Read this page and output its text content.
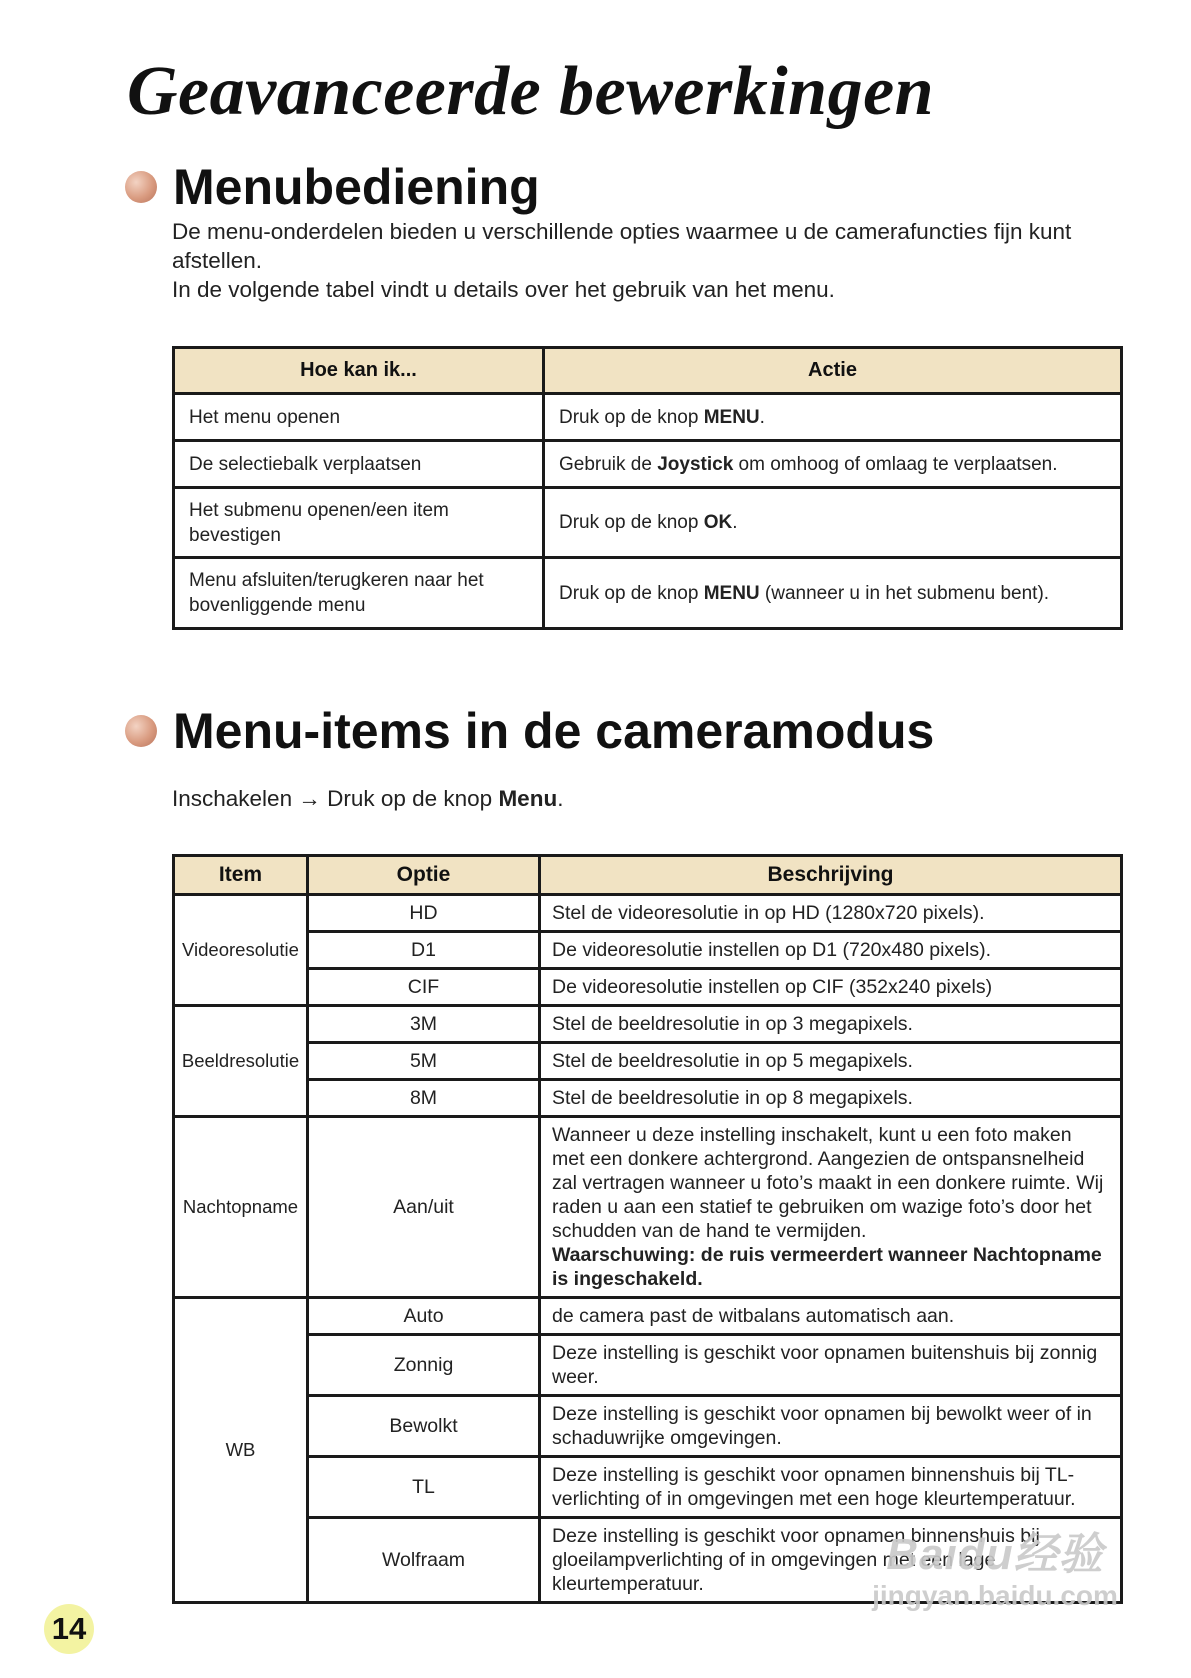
Geavanceerde bewerkingen
Menubediening

De menu-onderdelen bieden u verschillende opties waarmee u de camerafuncties fijn kunt afstellen.

In de volgende tabel vindt u details over het gebruik van het menu.

Hoe kan ik...	Actie
Het menu openen	Druk op de knop MENU.
De selectiebalk verplaatsen	Gebruik de Joystick om omhoog of omlaag te verplaatsen.
Het submenu openen/een item bevestigen	Druk op de knop OK.
Menu afsluiten/terugkeren naar het bovenliggende menu	Druk op de knop MENU (wanneer u in het submenu bent).
Menu-items in de cameramodus
Inschakelen → Druk op de knop Menu.
Item	Optie	Beschrijving
Videoresolutie	HD	Stel de videoresolutie in op HD (1280x720 pixels).
	D1	De videoresolutie instellen op D1 (720x480 pixels).
	CIF	De videoresolutie instellen op CIF (352x240 pixels)
Beeldresolutie	3M	Stel de beeldresolutie in op 3 megapixels.
	5M	Stel de beeldresolutie in op 5 megapixels.
	8M	Stel de beeldresolutie in op 8 megapixels.
Nachtopname	Aan/uit	Wanneer u deze instelling inschakelt, kunt u een foto maken met een donkere achtergrond. Aangezien de ontspansnelheid zal vertragen wanneer u foto’s maakt in een donkere ruimte. Wij raden u aan een statief te gebruiken om wazige foto’s door het schudden van de hand te vermijden.
Waarschuwing: de ruis vermeerdert wanneer Nachtopname is ingeschakeld.
WB	Auto	de camera past de witbalans automatisch aan.
	Zonnig	Deze instelling is geschikt voor opnamen buitenshuis bij zonnig weer.
	Bewolkt	Deze instelling is geschikt voor opnamen bij bewolkt weer of in schaduwrijke omgevingen.
	TL	Deze instelling is geschikt voor opnamen binnenshuis bij TL-verlichting of in omgevingen met een hoge kleurtemperatuur.
	Wolfraam	Deze instelling is geschikt voor opnamen binnenshuis bij gloeilampverlichting of in omgevingen met een lage kleurtemperatuur.
14
Baidu经验
jingyan.baidu.com
